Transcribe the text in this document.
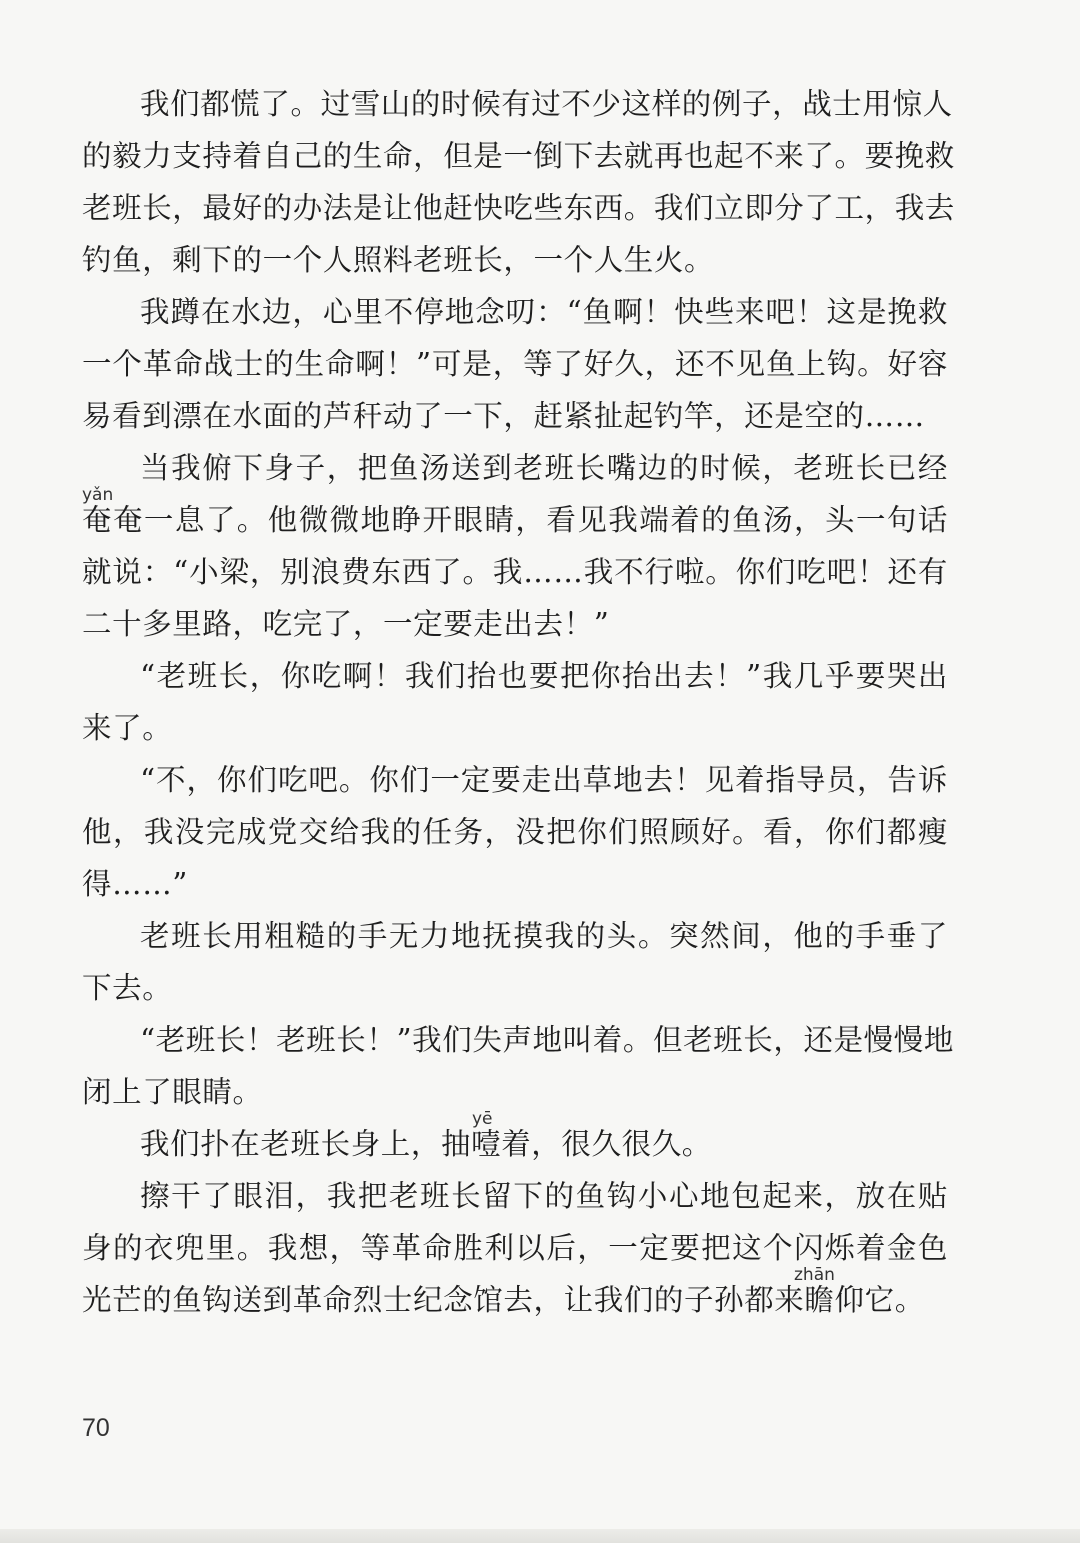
我们都慌了。过雪山的时候有过不少这样的例子，战士用惊人
的毅力支持着自己的生命，但是一倒下去就再也起不来了。要挽救
老班长，最好的办法是让他赶快吃些东西。我们立即分了工，我去
钓鱼，剩下的一个人照料老班长，一个人生火。
我蹲在水边，心里不停地念叨：“鱼啊！快些来吧！这是挽救
一个革命战士的生命啊！”可是，等了好久，还不见鱼上钩。好容
易看到漂在水面的芦秆动了一下，赶紧扯起钓竿，还是空的……
当我俯下身子，把鱼汤送到老班长嘴边的时候，老班长已经
yǎn
奄奄一息了。他微微地睁开眼睛，看见我端着的鱼汤，头一句话
就说：“小梁，别浪费东西了。我……我不行啦。你们吃吧！还有
二十多里路，吃完了，一定要走出去！”
“老班长，你吃啊！我们抬也要把你抬出去！”我几乎要哭出
来了。
“不，你们吃吧。你们一定要走出草地去！见着指导员，告诉
他，我没完成党交给我的任务，没把你们照顾好。看，你们都瘦
得……”
老班长用粗糙的手无力地抚摸我的头。突然间，他的手垂了
下去。
“老班长！老班长！”我们失声地叫着。但老班长，还是慢慢地
闭上了眼睛。
yē
我们扑在老班长身上，抽噎着，很久很久。
擦干了眼泪，我把老班长留下的鱼钩小心地包起来，放在贴
身的衣兜里。我想，等革命胜利以后，一定要把这个闪烁着金色
zhān
光芒的鱼钩送到革命烈士纪念馆去，让我们的子孙都来瞻仰它。
70
